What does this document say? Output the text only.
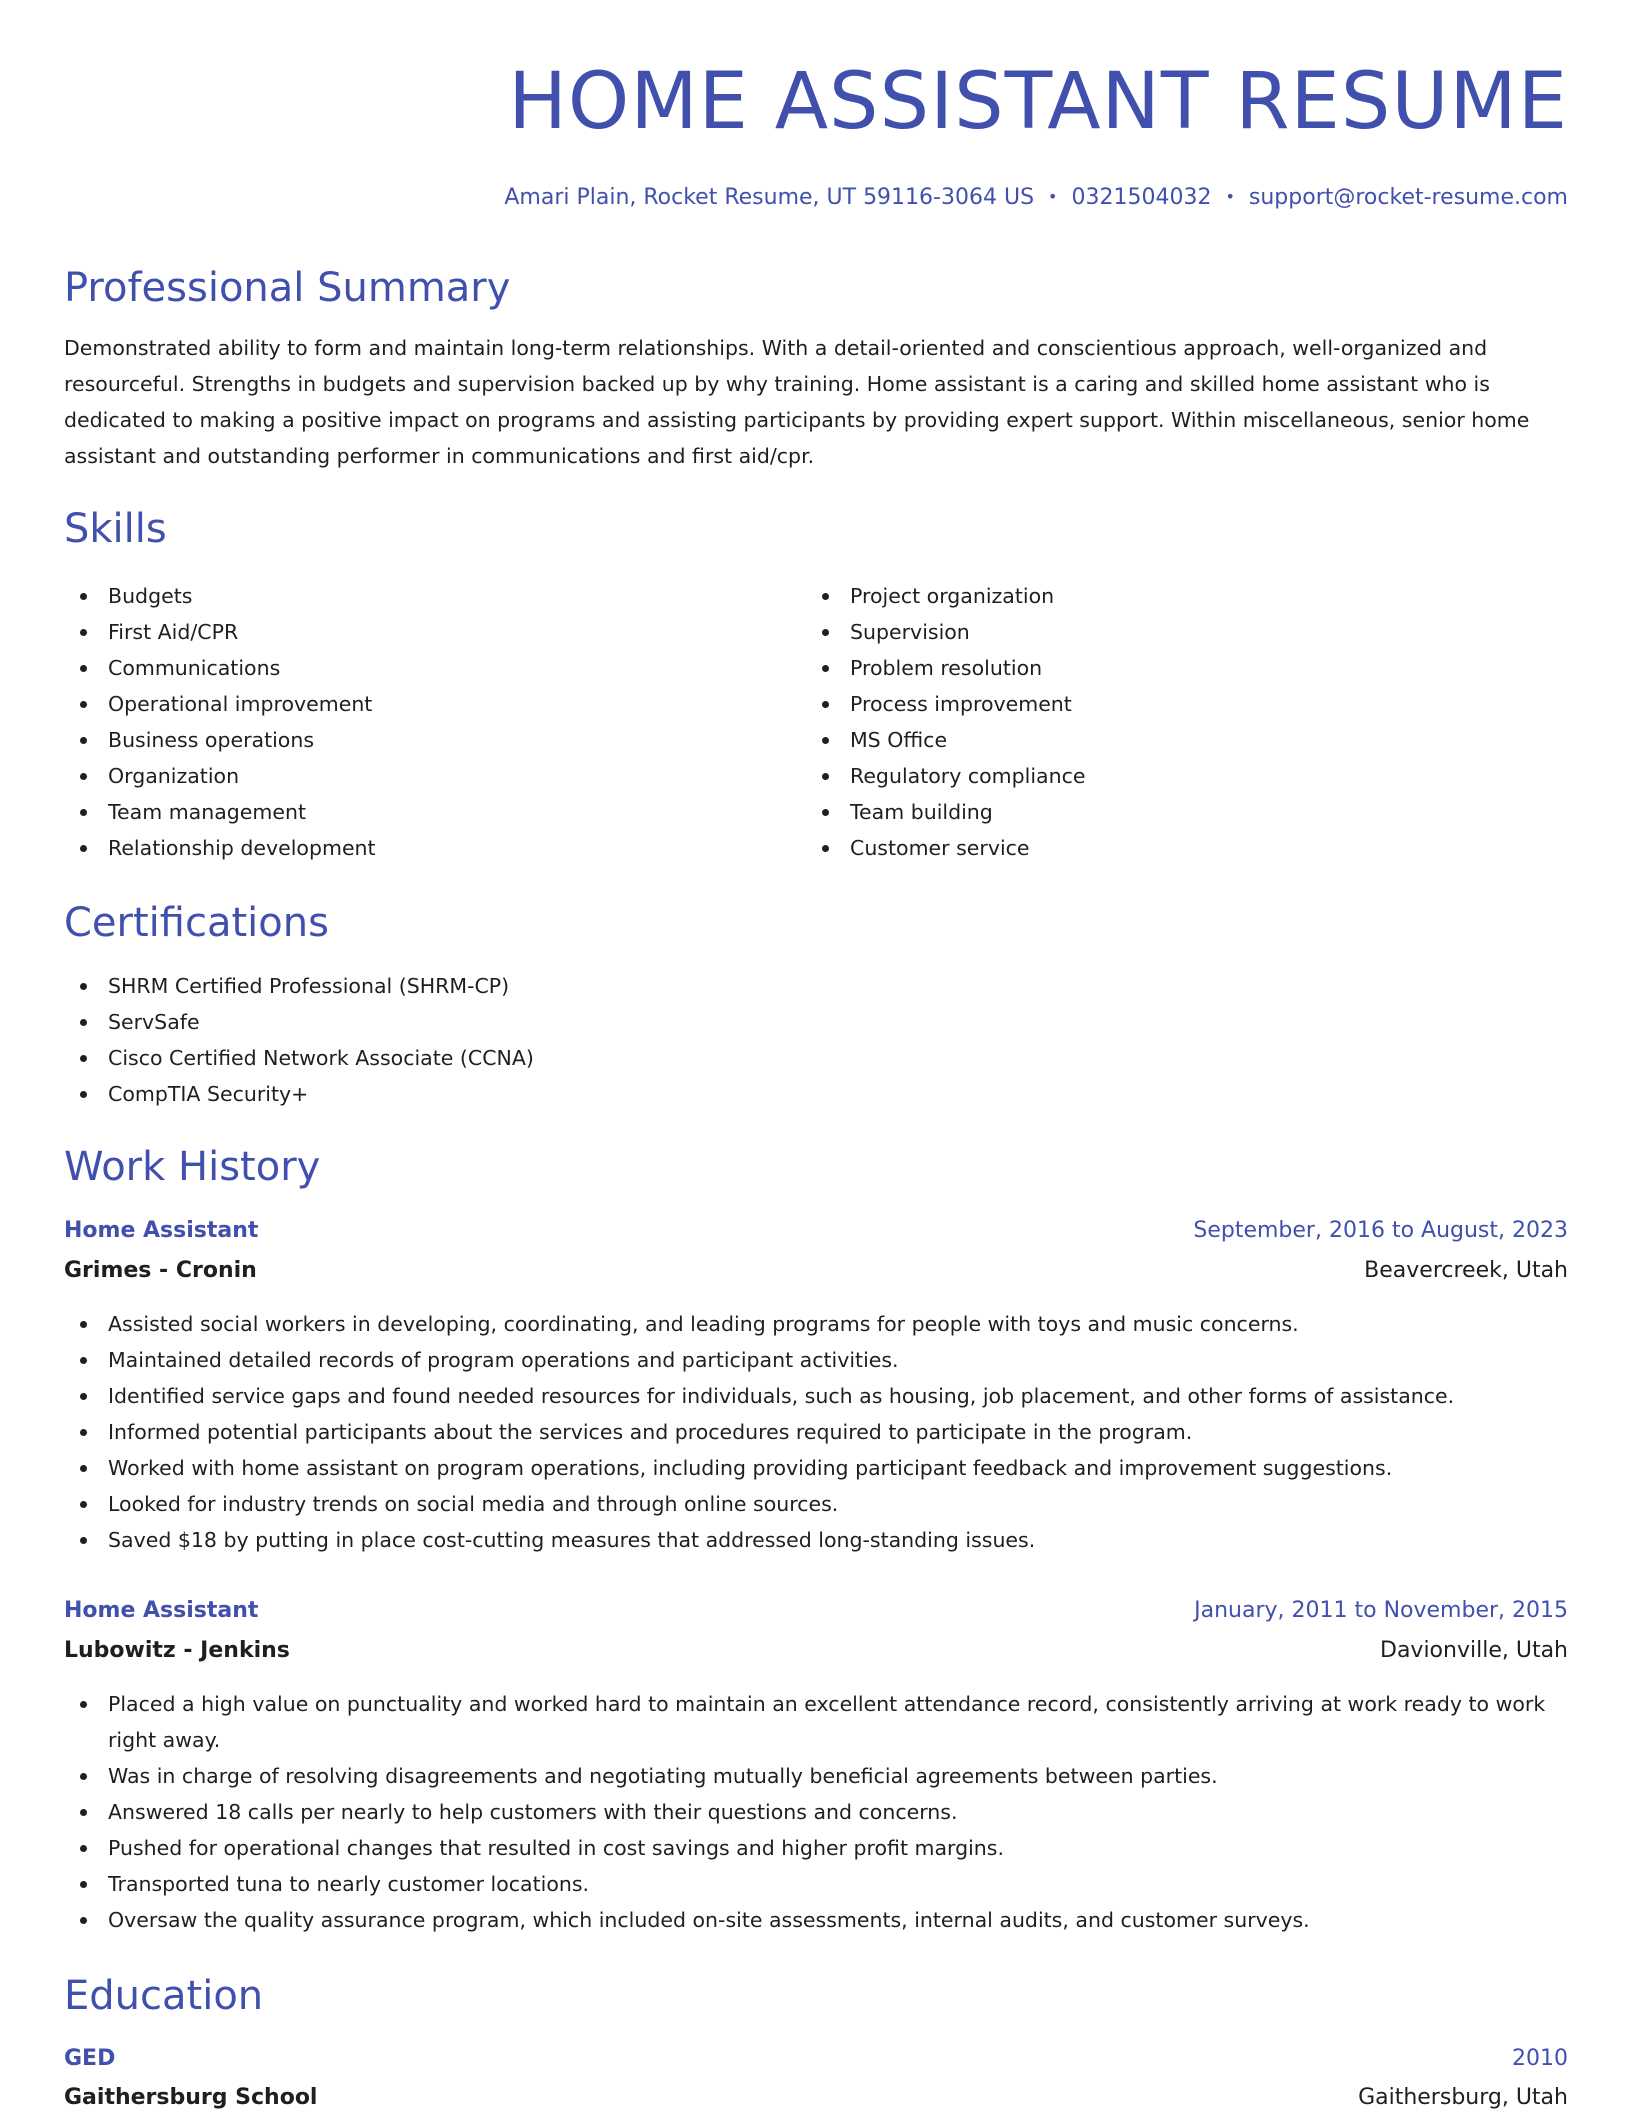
HOME ASSISTANT RESUME
Amari Plain, Rocket Resume, UT 59116-3064 US • 0321504032 • support@rocket-resume.com
Professional Summary

Demonstrated ability to form and maintain long-term relationships. With a detail-oriented and conscientious approach, well-organized and resourceful. Strengths in budgets and supervision backed up by why training. Home assistant is a caring and skilled home assistant who is dedicated to making a positive impact on programs and assisting participants by providing expert support. Within miscellaneous, senior home assistant and outstanding performer in communications and first aid/cpr.

Skills
Budgets
First Aid/CPR
Communications
Operational improvement
Business operations
Organization
Team management
Relationship development
Project organization
Supervision
Problem resolution
Process improvement
MS Office
Regulatory compliance
Team building
Customer service
Certifications
SHRM Certified Professional (SHRM-CP)
ServSafe
Cisco Certified Network Associate (CCNA)
CompTIA Security+
Work History
Home Assistant	September, 2016 to August, 2023
Grimes - Cronin	Beavercreek, Utah
Assisted social workers in developing, coordinating, and leading programs for people with toys and music concerns.
Maintained detailed records of program operations and participant activities.
Identified service gaps and found needed resources for individuals, such as housing, job placement, and other forms of assistance.
Informed potential participants about the services and procedures required to participate in the program.
Worked with home assistant on program operations, including providing participant feedback and improvement suggestions.
Looked for industry trends on social media and through online sources.
Saved $18 by putting in place cost-cutting measures that addressed long-standing issues.
Home Assistant	January, 2011 to November, 2015
Lubowitz - Jenkins	Davionville, Utah
Placed a high value on punctuality and worked hard to maintain an excellent attendance record, consistently arriving at work ready to work right away.
Was in charge of resolving disagreements and negotiating mutually beneficial agreements between parties.
Answered 18 calls per nearly to help customers with their questions and concerns.
Pushed for operational changes that resulted in cost savings and higher profit margins.
Transported tuna to nearly customer locations.
Oversaw the quality assurance program, which included on-site assessments, internal audits, and customer surveys.
Education
GED	2010
Gaithersburg School	Gaithersburg, Utah
